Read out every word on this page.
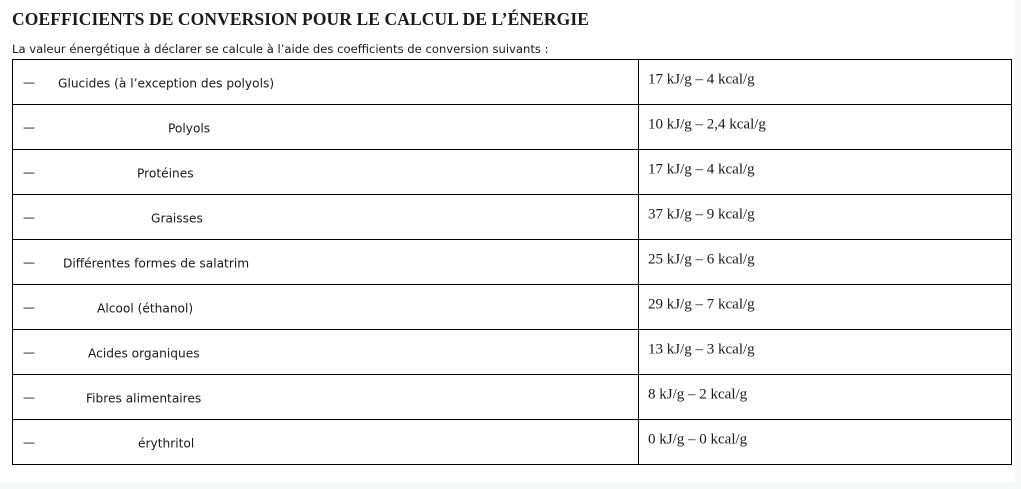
COEFFICIENTS DE CONVERSION POUR LE CALCUL DE L’ÉNERGIE
La valeur énergétique à déclarer se calcule à l’aide des coefficients de conversion suivants :
— Glucides (à l’exception des polyols)	17 kJ/g – 4 kcal/g

— Polyols	10 kJ/g – 2,4 kcal/g

— Protéines	17 kJ/g – 4 kcal/g

— Graisses	37 kJ/g – 9 kcal/g

— Différentes formes de salatrim	25 kJ/g – 6 kcal/g

— Alcool (éthanol)	29 kJ/g – 7 kcal/g

— Acides organiques	13 kJ/g – 3 kcal/g

— Fibres alimentaires	8 kJ/g – 2 kcal/g

— érythritol	0 kJ/g – 0 kcal/g
